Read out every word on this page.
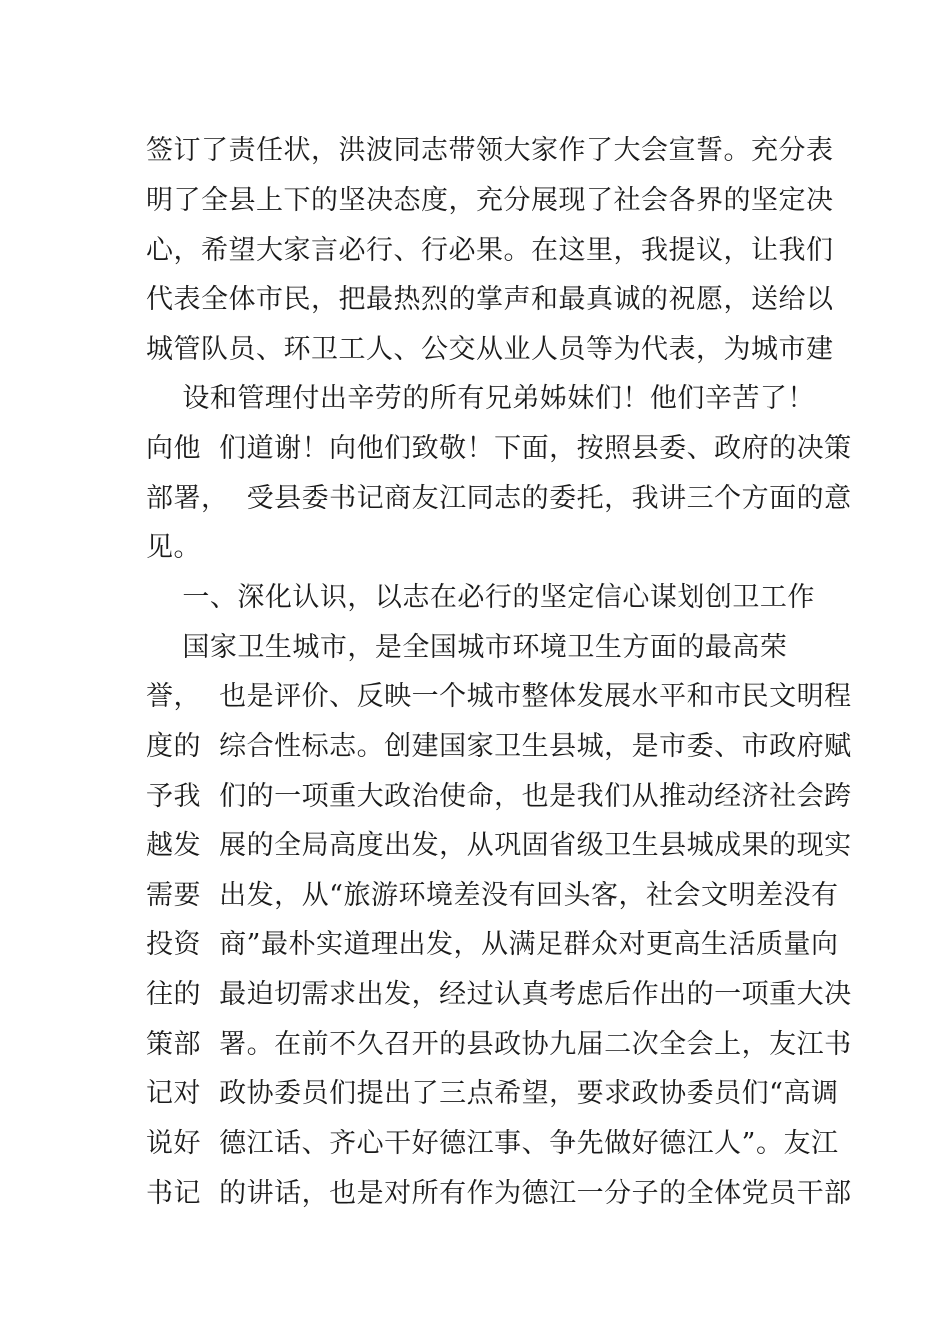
签订了责任状，洪波同志带领大家作了大会宣誓。充分表

明了全县上下的坚决态度，充分展现了社会各界的坚定决

心，希望大家言必行、行必果。在这里，我提议，让我们

代表全体市民，把最热烈的掌声和最真诚的祝愿，送给以

城管队员、环卫工人、公交从业人员等为代表，为城市建

设和管理付出辛劳的所有兄弟姊妹们！他们辛苦了！

向他  们道谢！向他们致敬！下面，按照县委、政府的决策

部署，  受县委书记商友江同志的委托，我讲三个方面的意

见。

一、深化认识，以志在必行的坚定信心谋划创卫工作

国家卫生城市，是全国城市环境卫生方面的最高荣

誉，  也是评价、反映一个城市整体发展水平和市民文明程

度的  综合性标志。创建国家卫生县城，是市委、市政府赋

予我  们的一项重大政治使命，也是我们从推动经济社会跨

越发  展的全局高度出发，从巩固省级卫生县城成果的现实

需要  出发，从“旅游环境差没有回头客，社会文明差没有

投资  商”最朴实道理出发，从满足群众对更高生活质量向

往的  最迫切需求出发，经过认真考虑后作出的一项重大决

策部  署。在前不久召开的县政协九届二次全会上，友江书

记对  政协委员们提出了三点希望，要求政协委员们“高调

说好  德江话、齐心干好德江事、争先做好德江人”。友江

书记  的讲话，也是对所有作为德江一分子的全体党员干部
